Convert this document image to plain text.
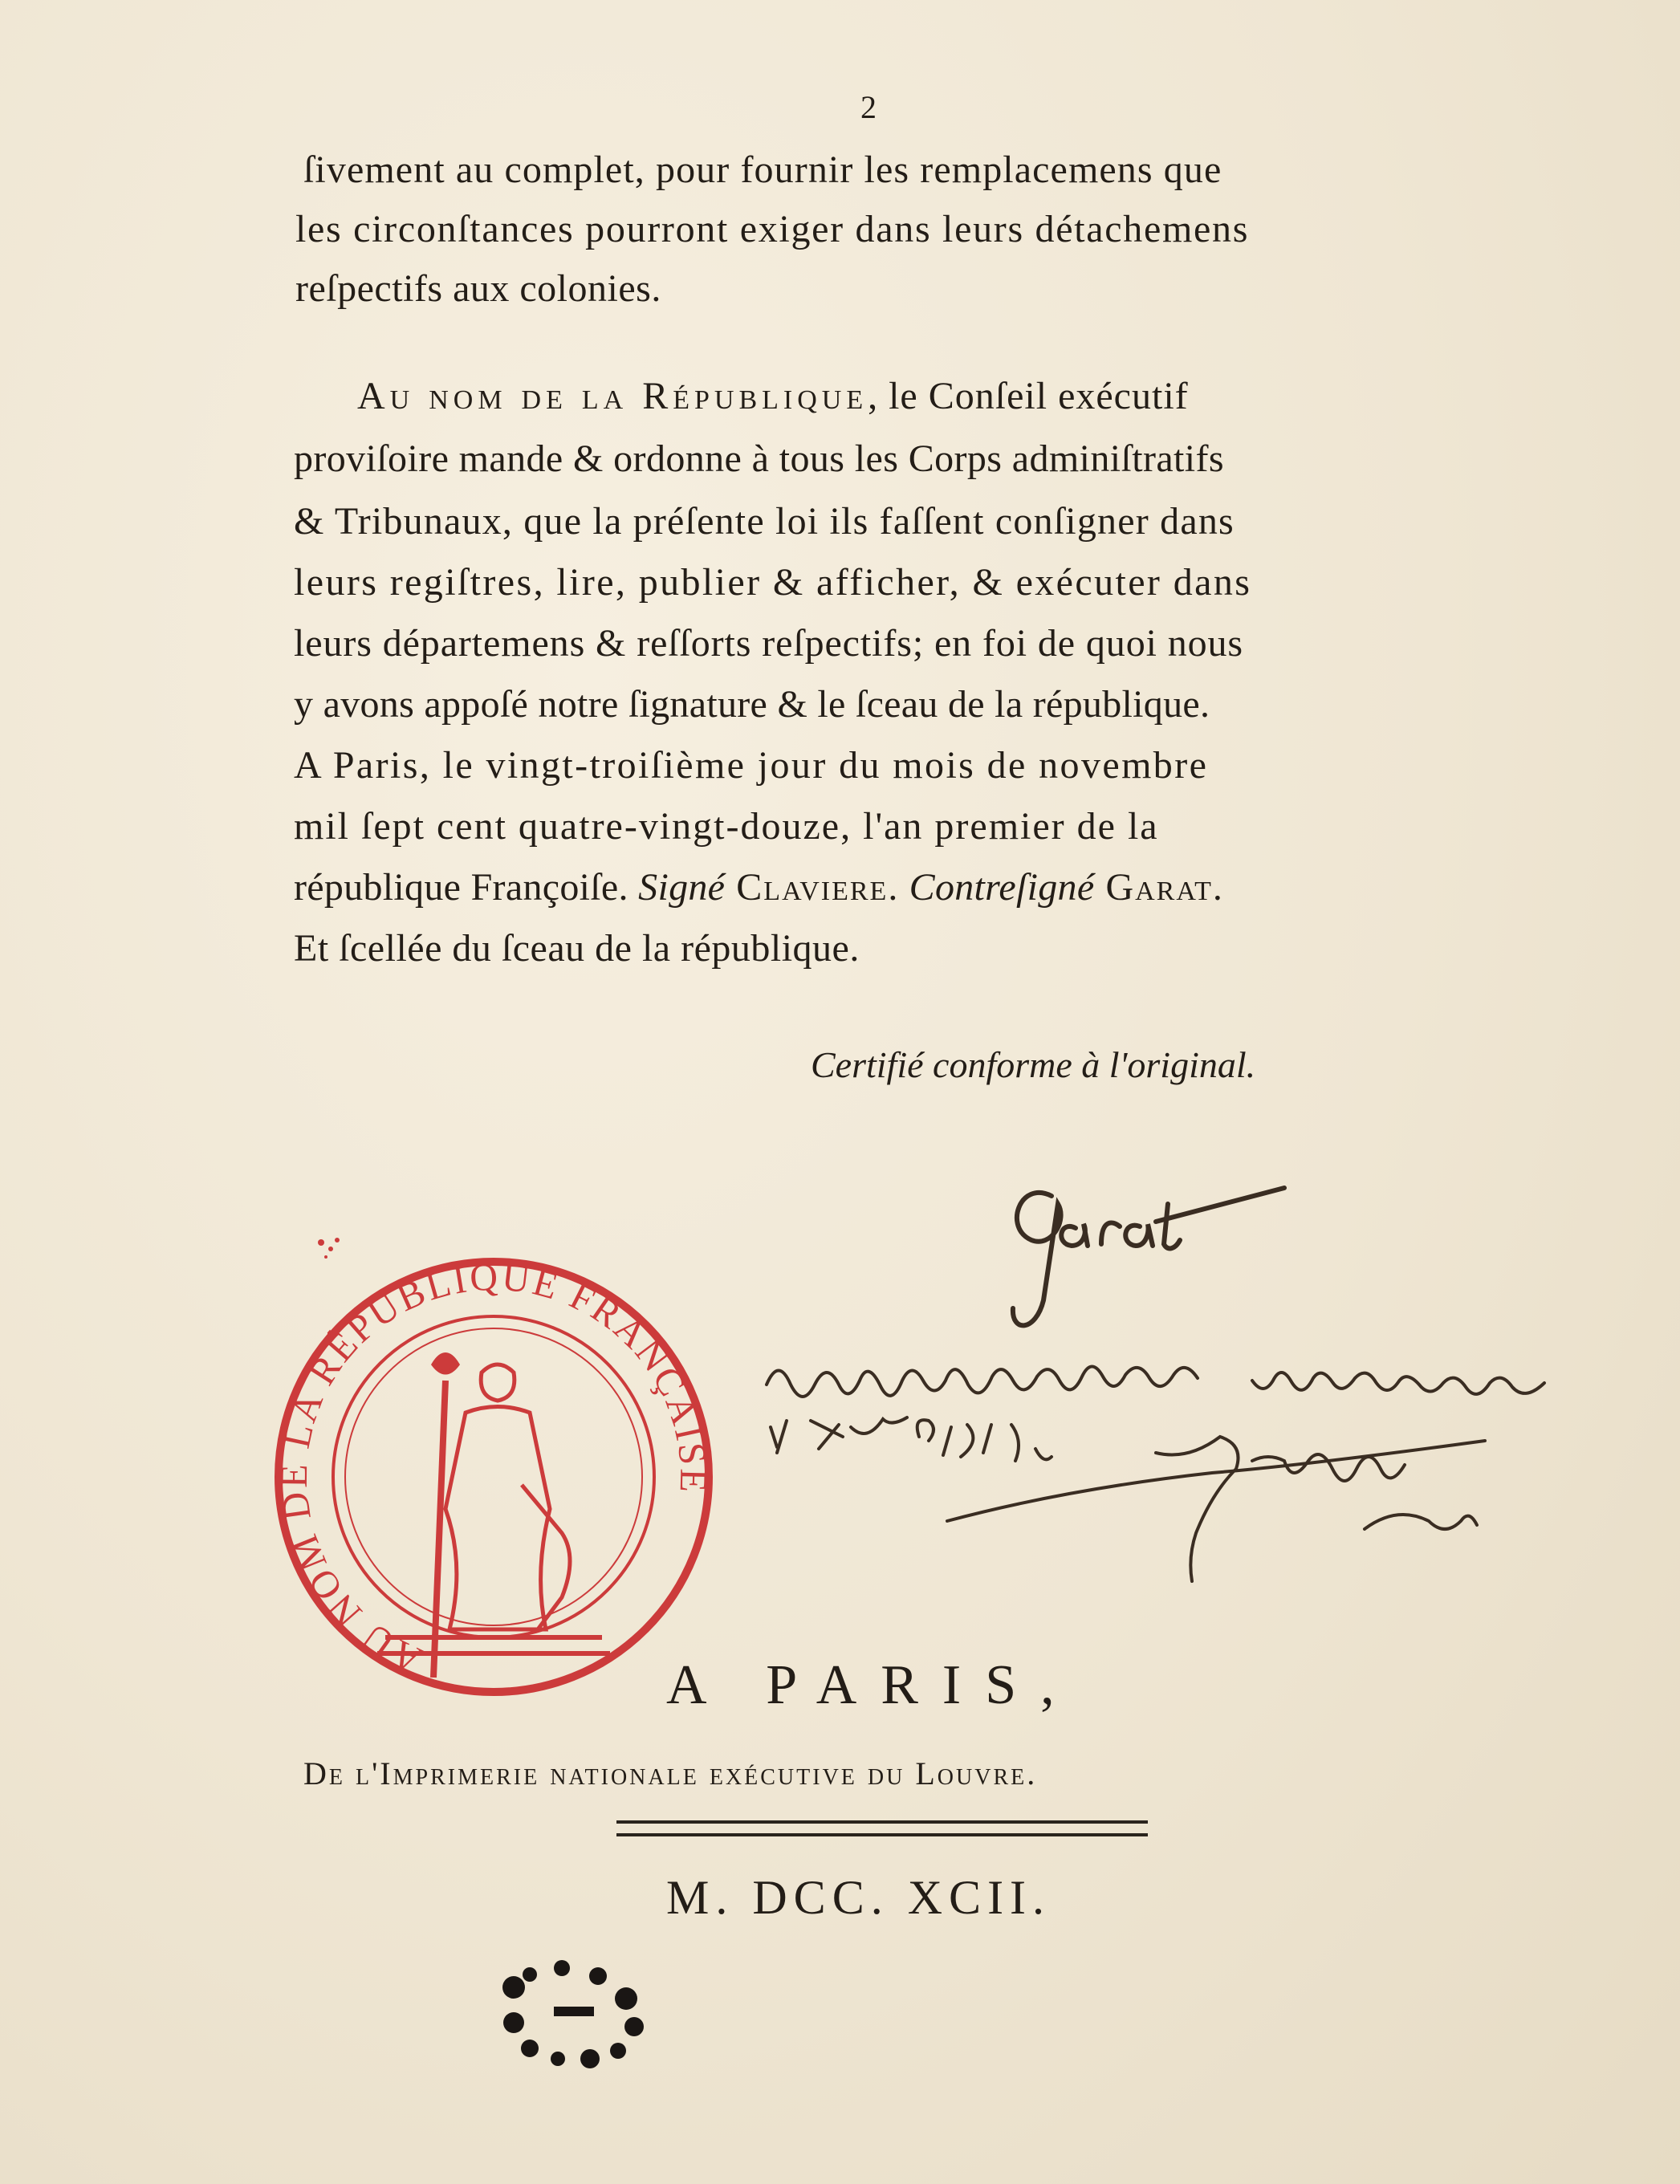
2

ſivement au complet, pour fournir les remplacemens que

les circonſtances pourront exiger dans leurs détachemens

reſpectifs aux colonies.

Au nom de la République, le Conſeil exécutif

proviſoire mande & ordonne à tous les Corps adminiſtratifs

& Tribunaux, que la préſente loi ils faſſent conſigner dans

leurs regiſtres, lire, publier & afficher, & exécuter dans

leurs départemens & reſſorts reſpectifs; en foi de quoi nous

y avons appoſé notre ſignature & le ſceau de la république.

A Paris, le vingt-troiſième jour du mois de novembre

mil ſept cent quatre-vingt-douze, l'an premier de la

république Françoiſe. Signé Claviere. Contreſigné Garat.

Et ſcellée du ſceau de la république.

Certifié conforme à l'original.
AU NOM DE LA RÉPUBLIQUE FRANÇAISE
A PARIS,
De l'Imprimerie nationale exécutive du Louvre.
M. DCC. XCII.
